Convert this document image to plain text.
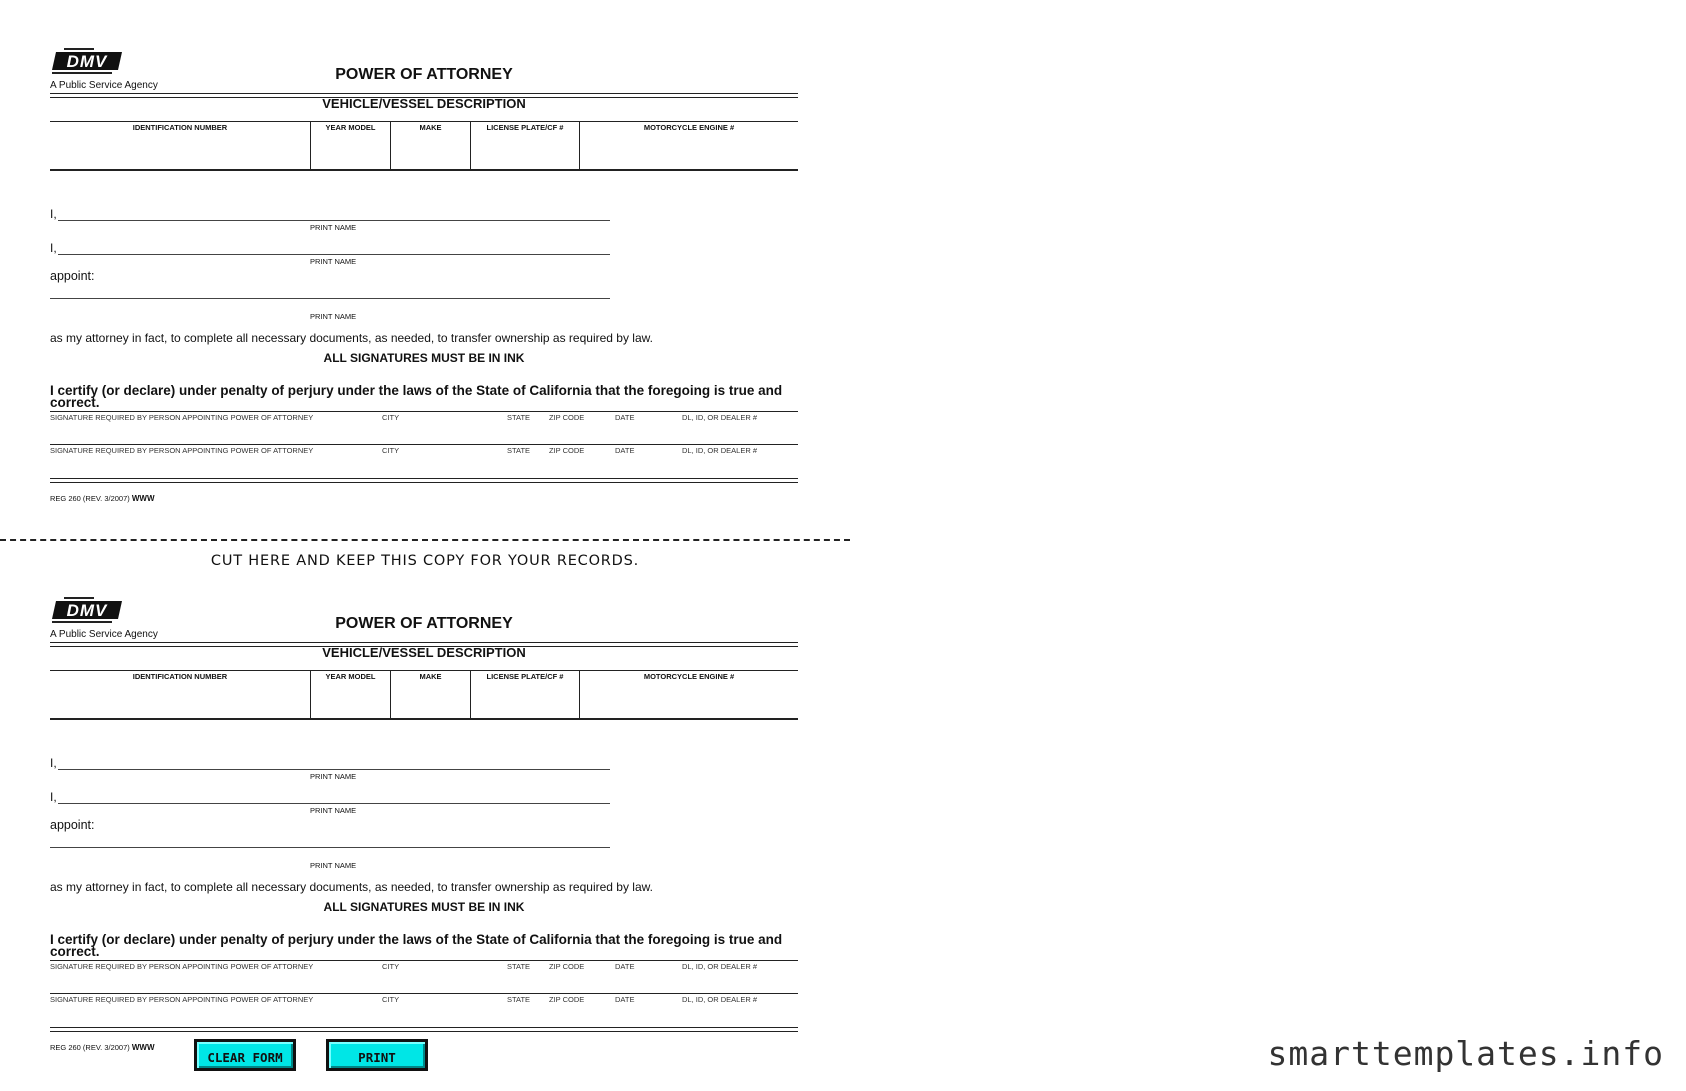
DMV
A Public Service Agency
POWER OF ATTORNEY
VEHICLE/VESSEL DESCRIPTION
IDENTIFICATION NUMBER	YEAR MODEL	MAKE	LICENSE PLATE/CF #	MOTORCYCLE ENGINE #
I,
PRINT NAME
I,
PRINT NAME
appoint:
PRINT NAME
as my attorney in fact, to complete all necessary documents, as needed, to transfer ownership as required by law.
ALL SIGNATURES MUST BE IN INK
I certify (or declare) under penalty of perjury under the laws of the State of California that the foregoing is true and correct.
SIGNATURE REQUIRED BY PERSON APPOINTING POWER OF ATTORNEY	CITY	STATE	ZIP CODE	DATE	DL, ID, OR DEALER #
SIGNATURE REQUIRED BY PERSON APPOINTING POWER OF ATTORNEY	CITY	STATE	ZIP CODE	DATE	DL, ID, OR DEALER #
REG 260 (REV. 3/2007) WWW
DMV
A Public Service Agency
POWER OF ATTORNEY
VEHICLE/VESSEL DESCRIPTION
IDENTIFICATION NUMBER	YEAR MODEL	MAKE	LICENSE PLATE/CF #	MOTORCYCLE ENGINE #
I,
PRINT NAME
I,
PRINT NAME
appoint:
PRINT NAME
as my attorney in fact, to complete all necessary documents, as needed, to transfer ownership as required by law.
ALL SIGNATURES MUST BE IN INK
I certify (or declare) under penalty of perjury under the laws of the State of California that the foregoing is true and correct.
SIGNATURE REQUIRED BY PERSON APPOINTING POWER OF ATTORNEY	CITY	STATE	ZIP CODE	DATE	DL, ID, OR DEALER #
SIGNATURE REQUIRED BY PERSON APPOINTING POWER OF ATTORNEY	CITY	STATE	ZIP CODE	DATE	DL, ID, OR DEALER #
REG 260 (REV. 3/2007) WWW
CUT HERE AND KEEP THIS COPY FOR YOUR RECORDS.
CLEAR FORM	PRINT	smarttemplates.info
